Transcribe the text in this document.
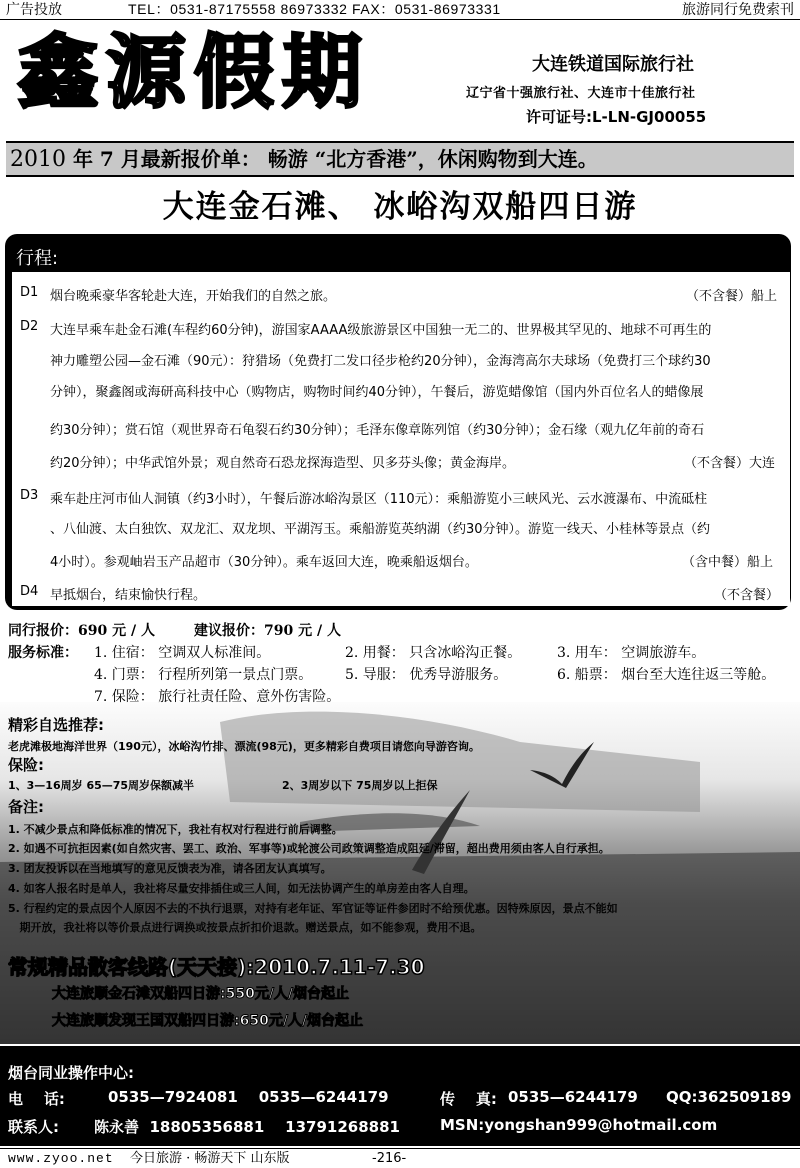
广告投放	TEL：0531-87175558 86973332 FAX：0531-86973331	旅游同行免费索刊
鑫源假期	大连铁道国际旅行社
辽宁省十强旅行社、大连市十佳旅行社
许可证号:L-LN-GJ00055
2010 年 7 月最新报价单： 畅游 “北方香港”，休闲购物到大连。
大连金石滩、 冰峪沟双船四日游
行程:
D1 烟台晚乘豪华客轮赴大连，开始我们的自然之旅。	（不含餐）船上
D2 大连早乘车赴金石滩(车程约60分钟)，游国家AAAA级旅游景区中国独一无二的、世界极其罕见的、地球不可再生的
神力雕塑公园—金石滩（90元）：狩猎场（免费打二发口径步枪约20分钟），金海湾高尔夫球场（免费打三个球约30
分钟），聚鑫阁或海研高科技中心（购物店，购物时间约40分钟），午餐后，游览蜡像馆（国内外百位名人的蜡像展
约30分钟）；赏石馆（观世界奇石龟裂石约30分钟）；毛泽东像章陈列馆（约30分钟）；金石缘（观九亿年前的奇石
约20分钟）；中华武馆外景；观自然奇石恐龙探海造型、贝多芬头像；黄金海岸。	（不含餐）大连
D3 乘车赴庄河市仙人洞镇（约3小时），午餐后游冰峪沟景区（110元）：乘船游览小三峡风光、云水渡瀑布、中流砥柱
、八仙渡、太白独饮、双龙汇、双龙坝、平湖泻玉。乘船游览英纳湖（约30分钟）。游览一线天、小桂林等景点（约
4小时）。参观岫岩玉产品超市（30分钟）。乘车返回大连，晚乘船返烟台。	（含中餐）船上
D4 早抵烟台，结束愉快行程。	（不含餐）
同行报价：690 元 / 人	建议报价：790 元 / 人
服务标准： 1. 住宿： 空调双人标准间。	2. 用餐： 只含冰峪沟正餐。	3. 用车： 空调旅游车。
4. 门票： 行程所列第一景点门票。 5. 导服： 优秀导游服务。	6. 船票： 烟台至大连往返三等舱。
7. 保险： 旅行社责任险、意外伤害险。
精彩自选推荐:
老虎滩极地海洋世界（190元），冰峪沟竹排、漂流(98元)，更多精彩自费项目请您向导游咨询。
保险:
1、3—16周岁 65—75周岁保额减半	2、3周岁以下 75周岁以上拒保
备注:
1. 不减少景点和降低标准的情况下，我社有权对行程进行前后调整。
2. 如遇不可抗拒因素(如自然灾害、罢工、政治、军事等)或轮渡公司政策调整造成阻延/滞留，超出费用须由客人自行承担。
3. 团友投诉以在当地填写的意见反馈表为准，请各团友认真填写。
4. 如客人报名时是单人，我社将尽量安排插住或三人间，如无法协调产生的单房差由客人自理。
5. 行程约定的景点因个人原因不去的不执行退票，对持有老年证、军官证等证件参团时不给预优惠。因特殊原因，景点不能如
期开放，我社将以等价景点进行调换或按景点折扣价退款。赠送景点，如不能参观，费用不退。
常规精品散客线路(天天接):2010.7.11-7.30
大连旅顺金石滩双船四日游:550元/人/烟台起止
大连旅顺发现王国双船四日游:650元/人/烟台起止
烟台同业操作中心:
电    话:	0535—7924081    0535—6244179	传    真: 0535—6244179 QQ:362509189
联系人: 陈永善  18805356881    13791268881	MSN:yongshan999@hotmail.com
www.zyoo.net 今日旅游 · 畅游天下 山东版	-216-
